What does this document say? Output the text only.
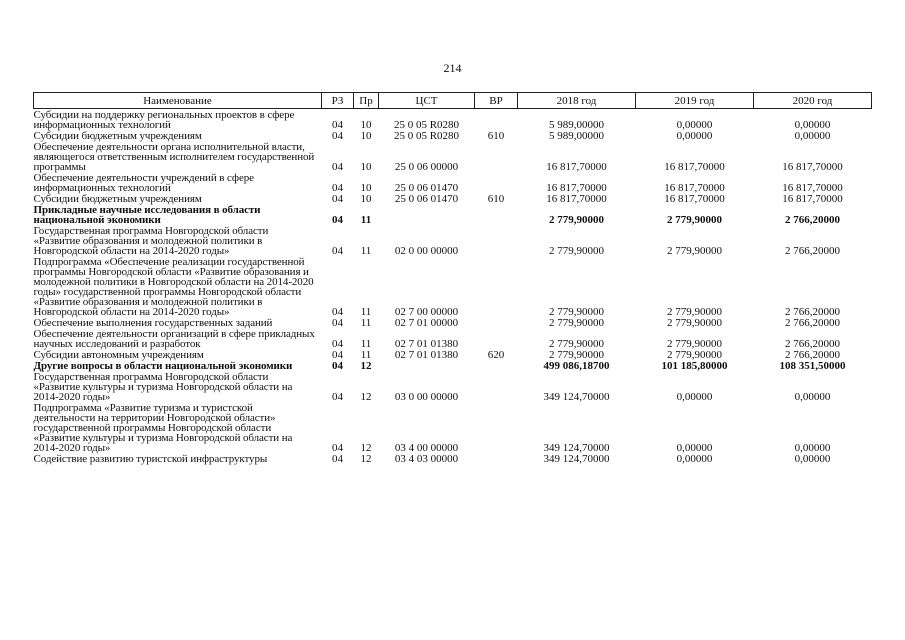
214
Наименование	РЗ	Пр	ЦСТ	ВР	2018 год	2019 год	2020 год
Субсидии на поддержку региональных проектов в сфере информационных технологий	04	10	25 0 05 R0280		5 989,00000	0,00000	0,00000
Субсидии бюджетным учреждениям	04	10	25 0 05 R0280	610	5 989,00000	0,00000	0,00000
Обеспечение деятельности органа исполнительной власти, являющегося ответственным исполнителем государственной программы	04	10	25 0 06 00000		16 817,70000	16 817,70000	16 817,70000
Обеспечение деятельности учреждений в сфере информационных технологий	04	10	25 0 06 01470		16 817,70000	16 817,70000	16 817,70000
Субсидии бюджетным учреждениям	04	10	25 0 06 01470	610	16 817,70000	16 817,70000	16 817,70000
Прикладные научные исследования в области национальной экономики	04	11			2 779,90000	2 779,90000	2 766,20000
Государственная программа Новгородской области «Развитие образования и молодежной политики в Новгородской области на 2014-2020 годы»	04	11	02 0 00 00000		2 779,90000	2 779,90000	2 766,20000
Подпрограмма «Обеспечение реализации государственной программы Новгородской области «Развитие образования и молодежной политики в Новгородской области на 2014-2020 годы» государственной программы Новгородской области «Развитие образования и молодежной политики в Новгородской области на 2014-2020 годы»	04	11	02 7 00 00000		2 779,90000	2 779,90000	2 766,20000
Обеспечение выполнения государственных заданий	04	11	02 7 01 00000		2 779,90000	2 779,90000	2 766,20000
Обеспечение деятельности организаций в сфере прикладных научных исследований и разработок	04	11	02 7 01 01380		2 779,90000	2 779,90000	2 766,20000
Субсидии автономным учреждениям	04	11	02 7 01 01380	620	2 779,90000	2 779,90000	2 766,20000
Другие вопросы в области национальной экономики	04	12			499 086,18700	101 185,80000	108 351,50000
Государственная программа Новгородской области «Развитие культуры и туризма Новгородской области на 2014-2020 годы»	04	12	03 0 00 00000		349 124,70000	0,00000	0,00000
Подпрограмма «Развитие туризма и туристской деятельности на территории Новгородской области» государственной программы Новгородской области «Развитие культуры и туризма Новгородской области на 2014-2020 годы»	04	12	03 4 00 00000		349 124,70000	0,00000	0,00000
Содействие развитию туристской инфраструктуры	04	12	03 4 03 00000		349 124,70000	0,00000	0,00000
